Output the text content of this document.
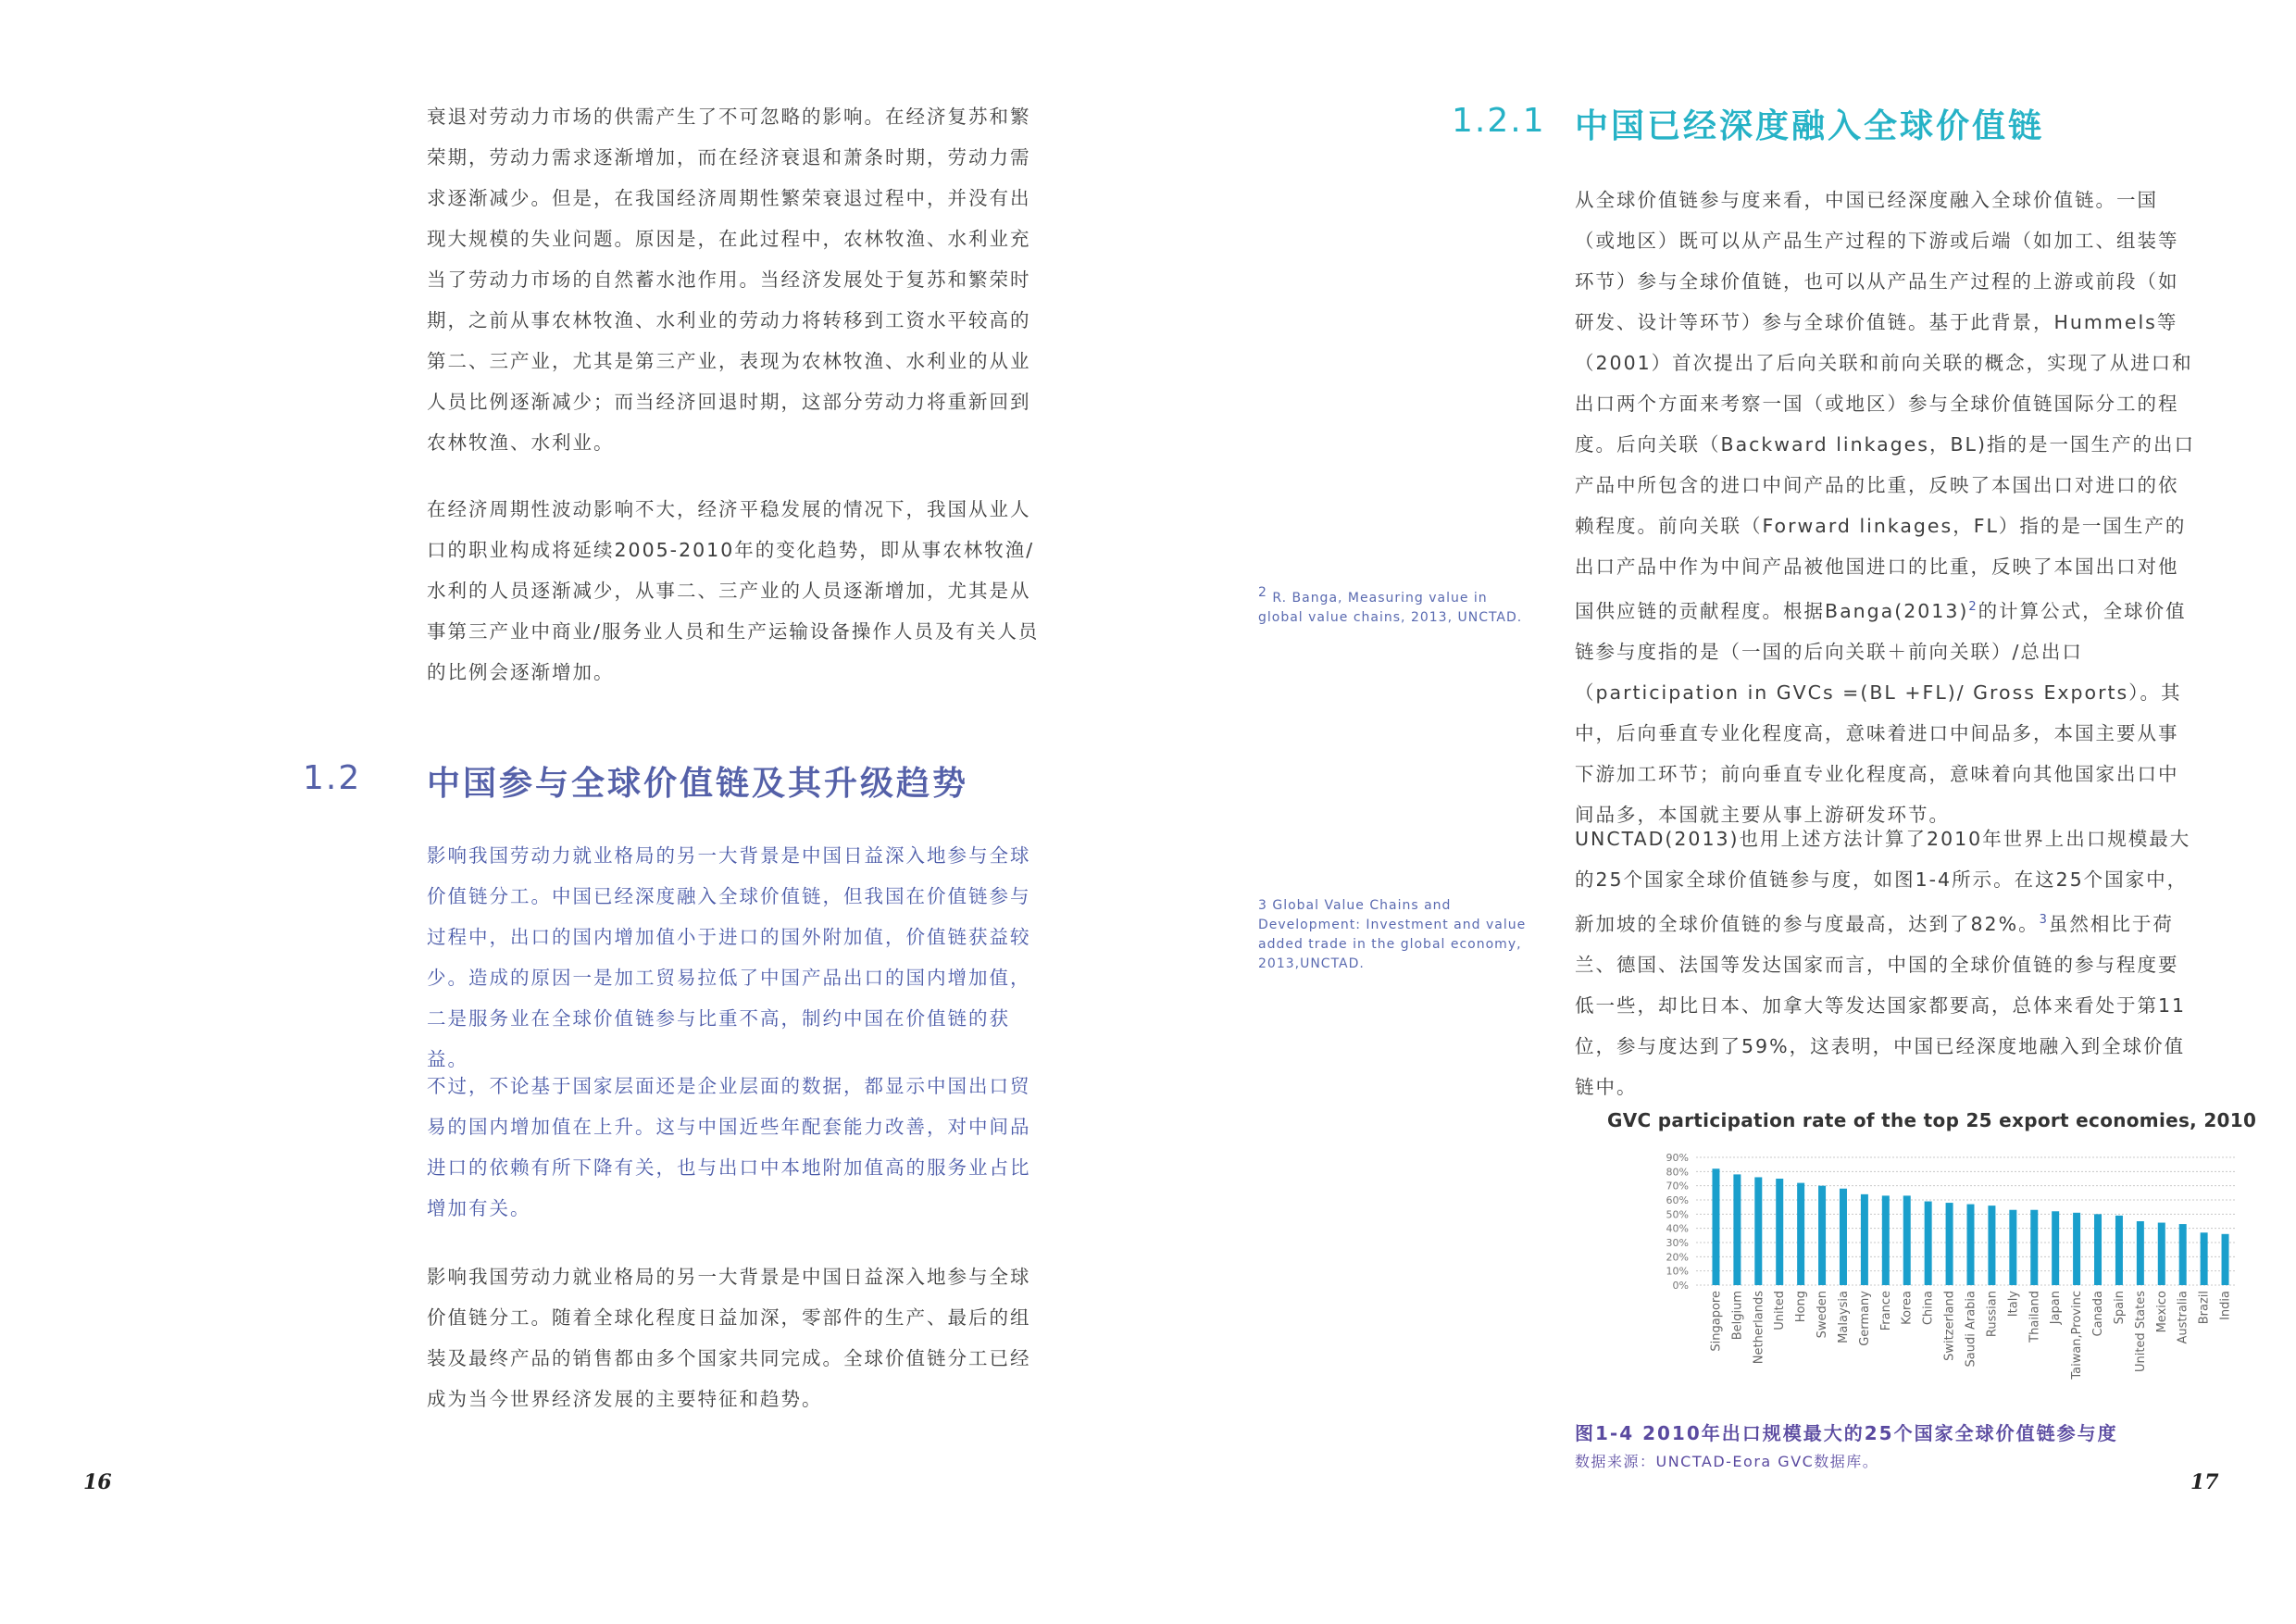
衰退对劳动力市场的供需产生了不可忽略的影响。在经济复苏和繁荣期，劳动力需求逐渐增加，而在经济衰退和萧条时期，劳动力需求逐渐减少。但是，在我国经济周期性繁荣衰退过程中，并没有出现大规模的失业问题。原因是，在此过程中，农林牧渔、水利业充当了劳动力市场的自然蓄水池作用。当经济发展处于复苏和繁荣时期，之前从事农林牧渔、水利业的劳动力将转移到工资水平较高的第二、三产业，尤其是第三产业，表现为农林牧渔、水利业的从业人员比例逐渐减少；而当经济回退时期，这部分劳动力将重新回到农林牧渔、水利业。

在经济周期性波动影响不大，经济平稳发展的情况下，我国从业人口的职业构成将延续2005-2010年的变化趋势，即从事农林牧渔/水利的人员逐渐减少，从事二、三产业的人员逐渐增加，尤其是从事第三产业中商业/服务业人员和生产运输设备操作人员及有关人员的比例会逐渐增加。

1.2 中国参与全球价值链及其升级趋势

影响我国劳动力就业格局的另一大背景是中国日益深入地参与全球价值链分工。中国已经深度融入全球价值链，但我国在价值链参与过程中，出口的国内增加值小于进口的国外附加值，价值链获益较少。造成的原因一是加工贸易拉低了中国产品出口的国内增加值，二是服务业在全球价值链参与比重不高，制约中国在价值链的获益。

不过，不论基于国家层面还是企业层面的数据，都显示中国出口贸易的国内增加值在上升。这与中国近些年配套能力改善，对中间品进口的依赖有所下降有关，也与出口中本地附加值高的服务业占比增加有关。

影响我国劳动力就业格局的另一大背景是中国日益深入地参与全球价值链分工。随着全球化程度日益加深，零部件的生产、最后的组装及最终产品的销售都由多个国家共同完成。全球价值链分工已经成为当今世界经济发展的主要特征和趋势。

16
1.2.1 中国已经深度融入全球价值链

从全球价值链参与度来看，中国已经深度融入全球价值链。一国（或地区）既可以从产品生产过程的下游或后端（如加工、组装等环节）参与全球价值链，也可以从产品生产过程的上游或前段（如研发、设计等环节）参与全球价值链。基于此背景，Hummels等（2001）首次提出了后向关联和前向关联的概念，实现了从进口和出口两个方面来考察一国（或地区）参与全球价值链国际分工的程度。后向关联（Backward linkages，BL)指的是一国生产的出口产品中所包含的进口中间产品的比重，反映了本国出口对进口的依赖程度。前向关联（Forward linkages，FL）指的是一国生产的出口产品中作为中间产品被他国进口的比重，反映了本国出口对他国供应链的贡献程度。根据Banga(2013)$^2$的计算公式，全球价值链参与度指的是（一国的后向关联＋前向关联）/总出口（participation in GVCs =(BL +FL)/ Gross Exports）。其中，后向垂直专业化程度高，意味着进口中间品多，本国主要从事下游加工环节；前向垂直专业化程度高，意味着向其他国家出口中间品多，本国就主要从事上游研发环节。

UNCTAD(2013)也用上述方法计算了2010年世界上出口规模最大的25个国家全球价值链参与度，如图1-4所示。在这25个国家中，新加坡的全球价值链的参与度最高，达到了82%。$^3$虽然相比于荷兰、德国、法国等发达国家而言，中国的全球价值链的参与程度要低一些，却比日本、加拿大等发达国家都要高，总体来看处于第11位，参与度达到了59%，这表明，中国已经深度地融入到全球价值链中。

$^2$ R. Banga, Measuring value in global value chains, 2013, UNCTAD.

3 Global Value Chains and Development: Investment and value added trade in the global economy, 2013,UNCTAD.

GVC participation rate of the top 25 export economies, 2010
90%
80%
70%
60%
50%
40%
30%
20%
10%
0%
Singapore Belgium Netherlands United Hong Sweden Malaysia Germany France Korea China Switzerland Saudi Arabia Russian Italy Thailand Japan Taiwan,Provinc Canada Spain United States Mexico Australia Brazil India
图1-4 2010年出口规模最大的25个国家全球价值链参与度
数据来源：UNCTAD-Eora GVC数据库。
17
